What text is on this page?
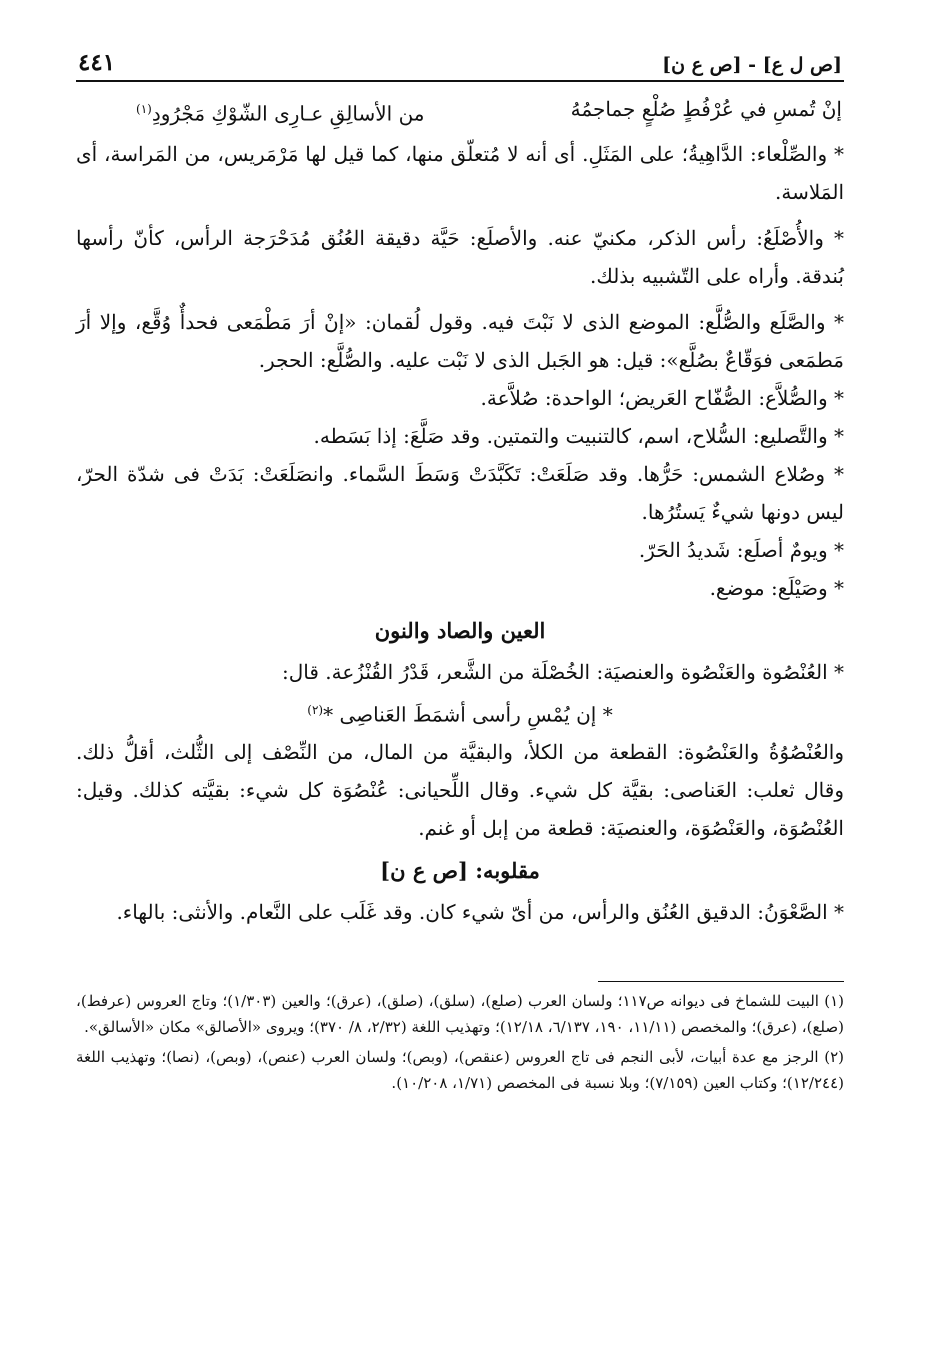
[ص ل ع] - [ص ع ن]
٤٤١
إنْ تُمسِ في عُرْفُطٍ صُلْعٍ جماجمُهُ
من الأسالِقِ عـارِى الشّوْكِ مَجْرُودِ$^{(١)}$

* والصِّلْعاء: الدَّاهِيةُ؛ على المَثَلِ. أى أنه لا مُتعلّق منها، كما قيل لها مَرْمَريس، من المَراسة، أى المَلاسة.

* والأُصْلَعُ: رأس الذكر، مكنيّ عنه. والأصلَع: حَيَّة دقيقة العُنُق مُدَحْرَجة الرأس، كأنّ رأسها بُندقة. وأراه على التّشبيه بذلك.

* والصَّلَع والصُّلَّع: الموضع الذى لا نَبْتَ فيه. وقول لُقمان: «إنْ أرَ مَطْمَعى فحدأٌ وُقَّع، وإلا أرَ مَطمَعى فوَقّاعٌ بصُلَّع»: قيل: هو الجَبل الذى لا نَبْت عليه. والصُّلَّع: الحجر.

* والصُّلاَّع: الصُّفّاح العَريض؛ الواحدة: صُلاَّعة.

* والتَّصليع: السُّلاح، اسم، كالتنبيت والتمتين. وقد صَلَّعَ: إذا بَسَطه.

* وصُلاع الشمس: حَرُّها. وقد صَلَعَتْ: تَكَبَّدَتْ وَسَطَ السَّماء. وانصَلَعَتْ: بَدَتْ فى شدّة الحرّ، ليس دونها شيءٌ يَستُرُها.

* ويومٌ أصلَع: شَديدُ الحَرّ.

* وصَيْلَع: موضع.

العين والصاد والنون

* العُنْصُوة والعَنْصُوة والعنصيَة: الخُصْلَة من الشَّعر، قَدْرُ القُنْزُعة. قال:

* إن يُمْسِ رأسى أشمَطَ العَناصِى *$^{(٢)}$

والعُنْصُوُةُ والعَنْصُوة: القطعة من الكلأ، والبقيَّة من المال، من النِّصْف إلى الثُّلث، أقلُّ ذلك. وقال ثعلب: العَناصى: بقيَّة كل شيء. وقال اللِّحيانى: عُنْصُوَة كل شيء: بقيَّته كذلك. وقيل: العُنْصُوَة، والعَنْصُوَة، والعنصيَة: قطعة من إبل أو غنم.

مقلوبه: [ص ع ن]

* الصَّعْوَنُ: الدقيق العُنُق والرأس، من أىّ شيء كان. وقد غَلَب على النَّعام. والأنثى: بالهاء.

(١) البيت للشماخ فى ديوانه ص١١٧؛ ولسان العرب (صلع)، (سلق)، (صلق)، (عرق)؛ والعين (١/٣٠٣)؛ وتاج العروس (عرفط)، (صلع)، (عرق)؛ والمخصص (١١/١١، ١٩٠، ٦/١٣٧، ١٢/١٨)؛ وتهذيب اللغة (٢/٣٢، ٨/ ٣٧٠)؛ ويروى «الأصالق» مكان «الأسالق».

(٢) الرجز مع عدة أبيات، لأبى النجم فى تاج العروس (عنقص)، (وبص)؛ ولسان العرب (عنص)، (وبص)، (نصا)؛ وتهذيب اللغة (١٢/٢٤٤)؛ وكتاب العين (٧/١٥٩)؛ وبلا نسبة فى المخصص (١/٧١، ١٠/٢٠٨).
